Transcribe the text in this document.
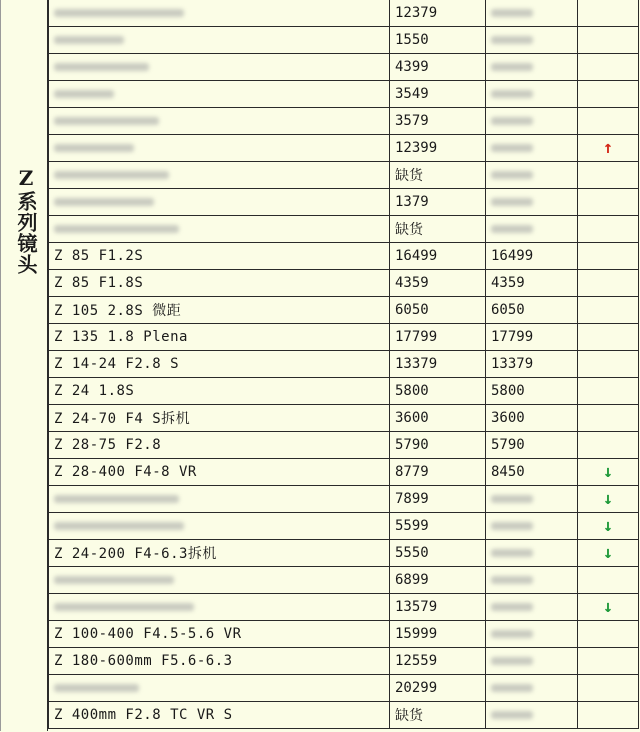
Z系列镜头
	12379		
	1550		
	4399		
	3549		
	3579		
	12399		↑
	缺货		
	1379		
	缺货		
Z 85 F1.2S	16499	16499	
Z 85 F1.8S	4359	4359	
Z 105 2.8S 微距	6050	6050	
Z 135 1.8 Plena	17799	17799	
Z 14-24 F2.8 S	13379	13379	
Z 24 1.8S	5800	5800	
Z 24-70 F4 S拆机	3600	3600	
Z 28-75 F2.8	5790	5790	
Z 28-400 F4-8 VR	8779	8450	↓
	7899		↓
	5599		↓
Z 24-200 F4-6.3拆机	5550		↓
	6899		
	13579		↓
Z 100-400 F4.5-5.6 VR	15999		
Z 180-600mm F5.6-6.3	12559		
	20299		
Z 400mm F2.8 TC VR S	缺货		
